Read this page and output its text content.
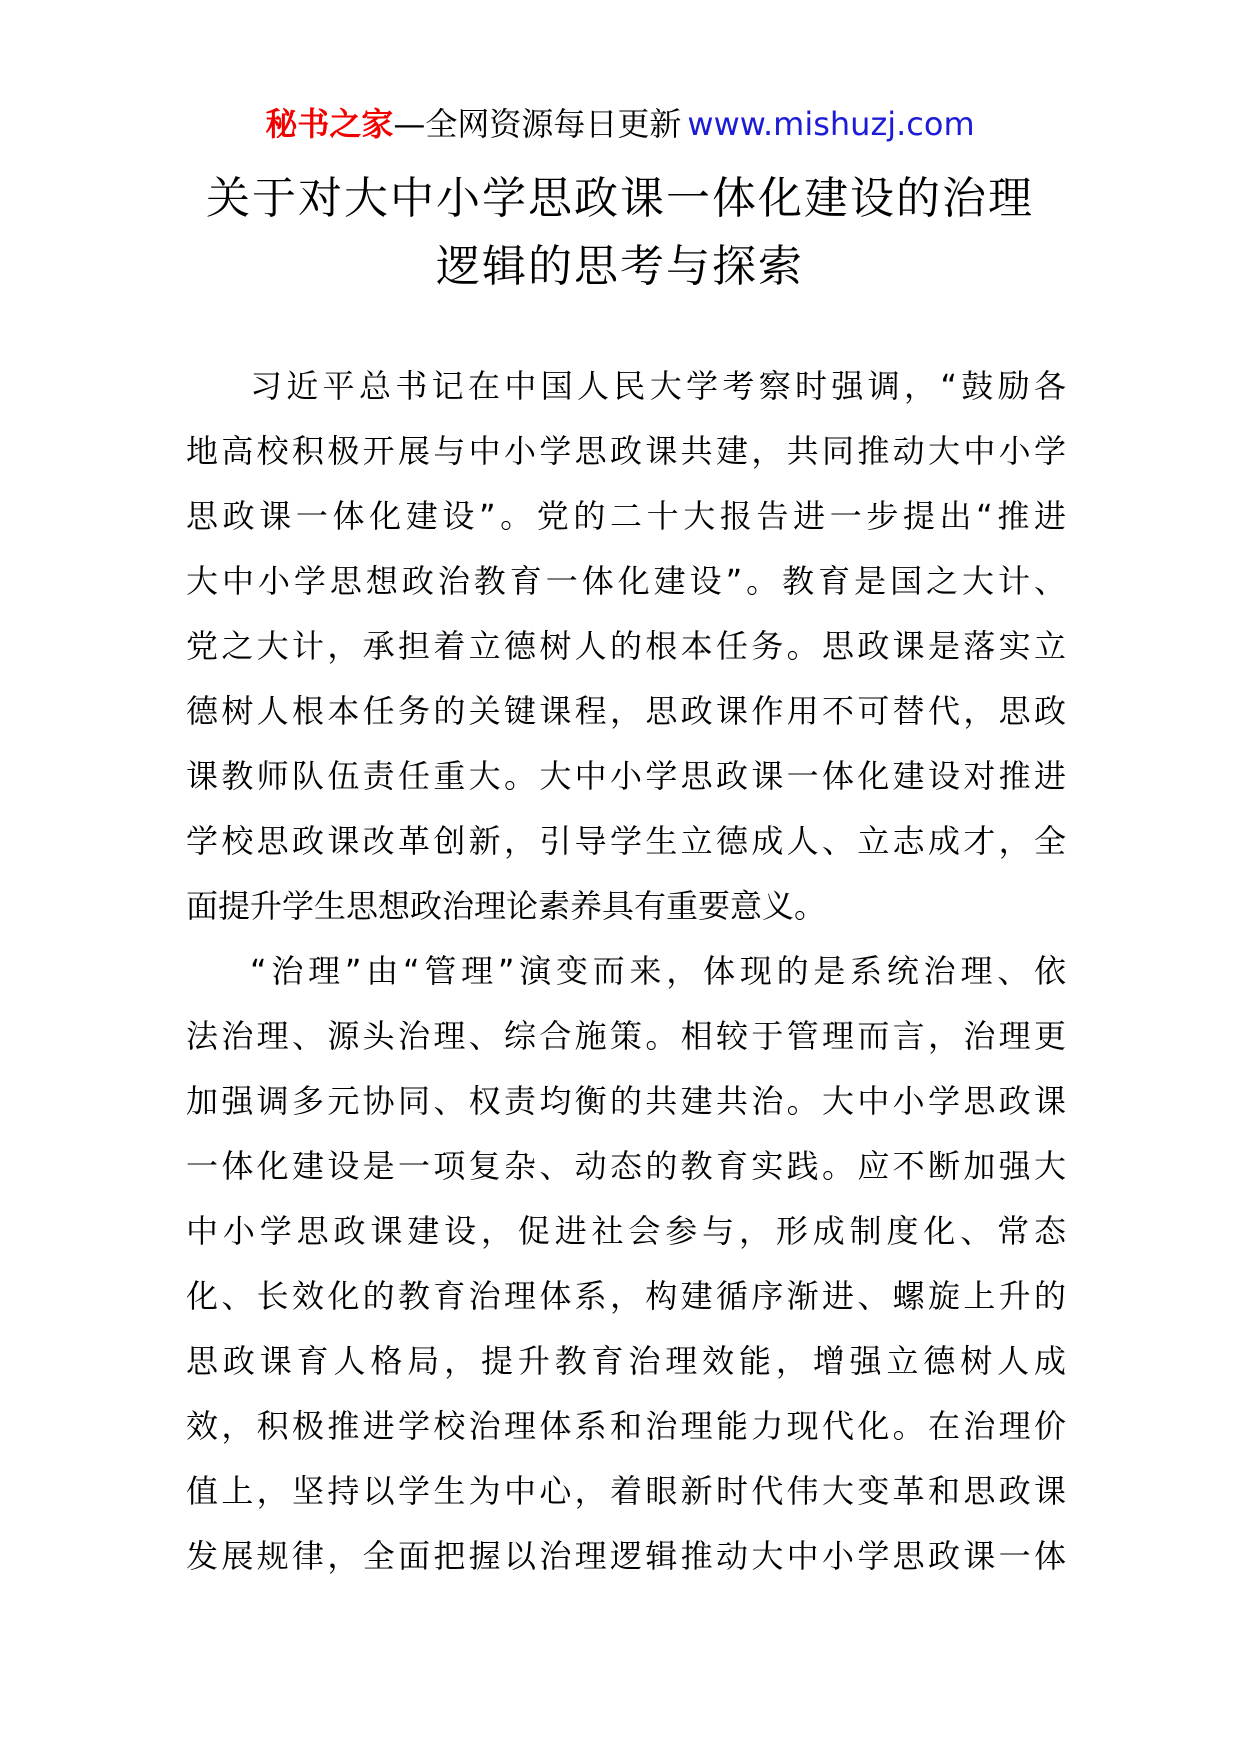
秘书之家—全网资源每日更新 www.mishuzj.com
关于对大中小学思政课一体化建设的治理
逻辑的思考与探索
习近平总书记在中国人民大学考察时强调，“鼓励各
地高校积极开展与中小学思政课共建，共同推动大中小学
思政课一体化建设”。党的二十大报告进一步提出“推进
大中小学思想政治教育一体化建设”。教育是国之大计、
党之大计，承担着立德树人的根本任务。思政课是落实立
德树人根本任务的关键课程，思政课作用不可替代，思政
课教师队伍责任重大。大中小学思政课一体化建设对推进
学校思政课改革创新，引导学生立德成人、立志成才，全
面提升学生思想政治理论素养具有重要意义。
“治理”由“管理”演变而来，体现的是系统治理、依
法治理、源头治理、综合施策。相较于管理而言，治理更
加强调多元协同、权责均衡的共建共治。大中小学思政课
一体化建设是一项复杂、动态的教育实践。应不断加强大
中小学思政课建设，促进社会参与，形成制度化、常态
化、长效化的教育治理体系，构建循序渐进、螺旋上升的
思政课育人格局，提升教育治理效能，增强立德树人成
效，积极推进学校治理体系和治理能力现代化。在治理价
值上，坚持以学生为中心，着眼新时代伟大变革和思政课
发展规律，全面把握以治理逻辑推动大中小学思政课一体
